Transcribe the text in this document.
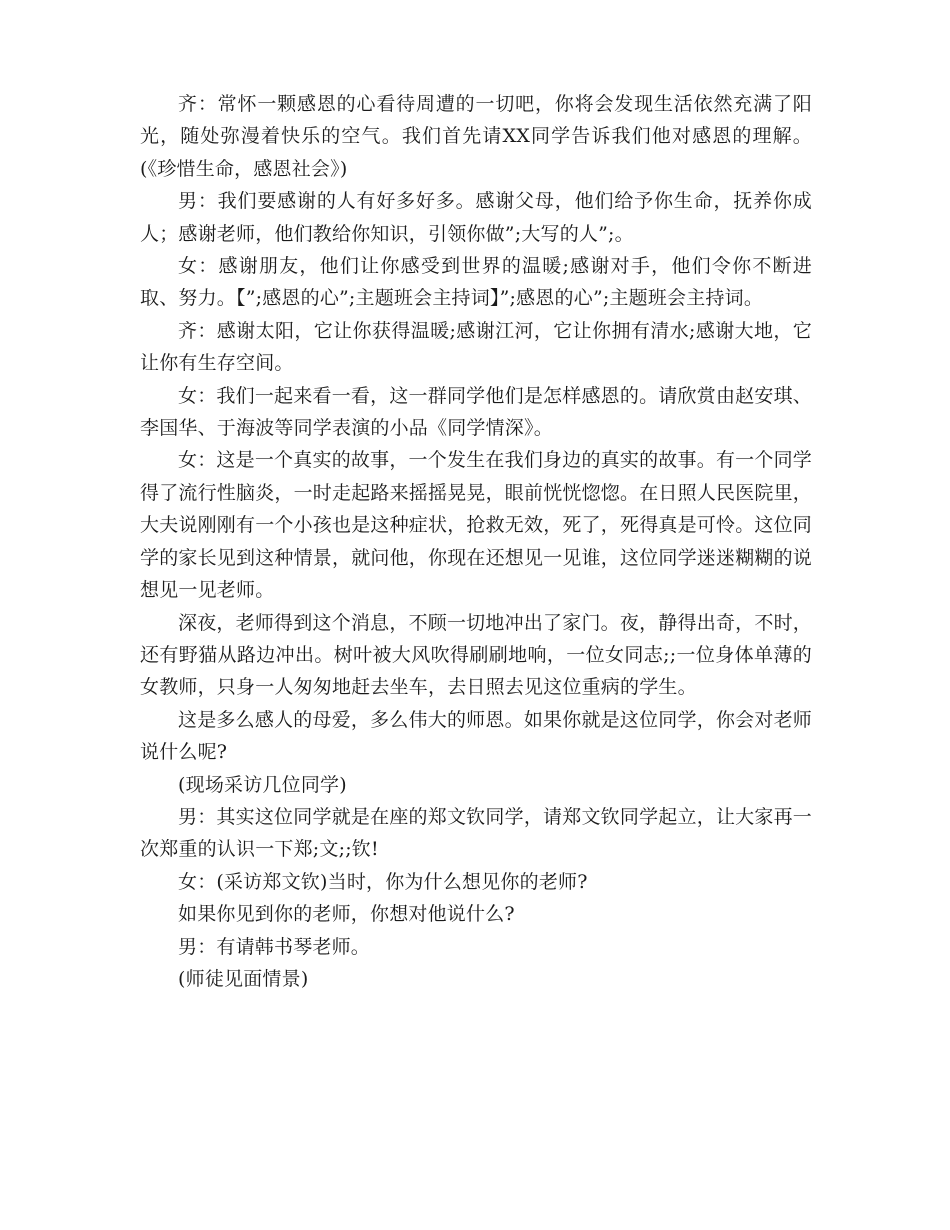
齐：常怀一颗感恩的心看待周遭的一切吧，你将会发现生活依然充满了阳光，随处弥漫着快乐的空气。我们首先请XX同学告诉我们他对感恩的理解。(《珍惜生命，感恩社会》)

男：我们要感谢的人有好多好多。感谢父母，他们给予你生命，抚养你成人；感谢老师，他们教给你知识，引领你做”;大写的人”;。

女：感谢朋友，他们让你感受到世界的温暖;感谢对手，他们令你不断进取、努力。【”;感恩的心”;主题班会主持词】”;感恩的心”;主题班会主持词。

齐：感谢太阳，它让你获得温暖;感谢江河，它让你拥有清水;感谢大地，它让你有生存空间。

女：我们一起来看一看，这一群同学他们是怎样感恩的。请欣赏由赵安琪、李国华、于海波等同学表演的小品《同学情深》。

女：这是一个真实的故事，一个发生在我们身边的真实的故事。有一个同学得了流行性脑炎，一时走起路来摇摇晃晃，眼前恍恍惚惚。在日照人民医院里，大夫说刚刚有一个小孩也是这种症状，抢救无效，死了，死得真是可怜。这位同学的家长见到这种情景，就问他，你现在还想见一见谁，这位同学迷迷糊糊的说想见一见老师。

深夜，老师得到这个消息，不顾一切地冲出了家门。夜，静得出奇，不时，还有野猫从路边冲出。树叶被大风吹得刷刷地响，一位女同志;;一位身体单薄的女教师，只身一人匆匆地赶去坐车，去日照去见这位重病的学生。

这是多么感人的母爱，多么伟大的师恩。如果你就是这位同学，你会对老师说什么呢?

(现场采访几位同学)

男：其实这位同学就是在座的郑文钦同学，请郑文钦同学起立，让大家再一次郑重的认识一下郑;文;;钦!

女：(采访郑文钦)当时，你为什么想见你的老师?

如果你见到你的老师，你想对他说什么?

男：有请韩书琴老师。

(师徒见面情景)
